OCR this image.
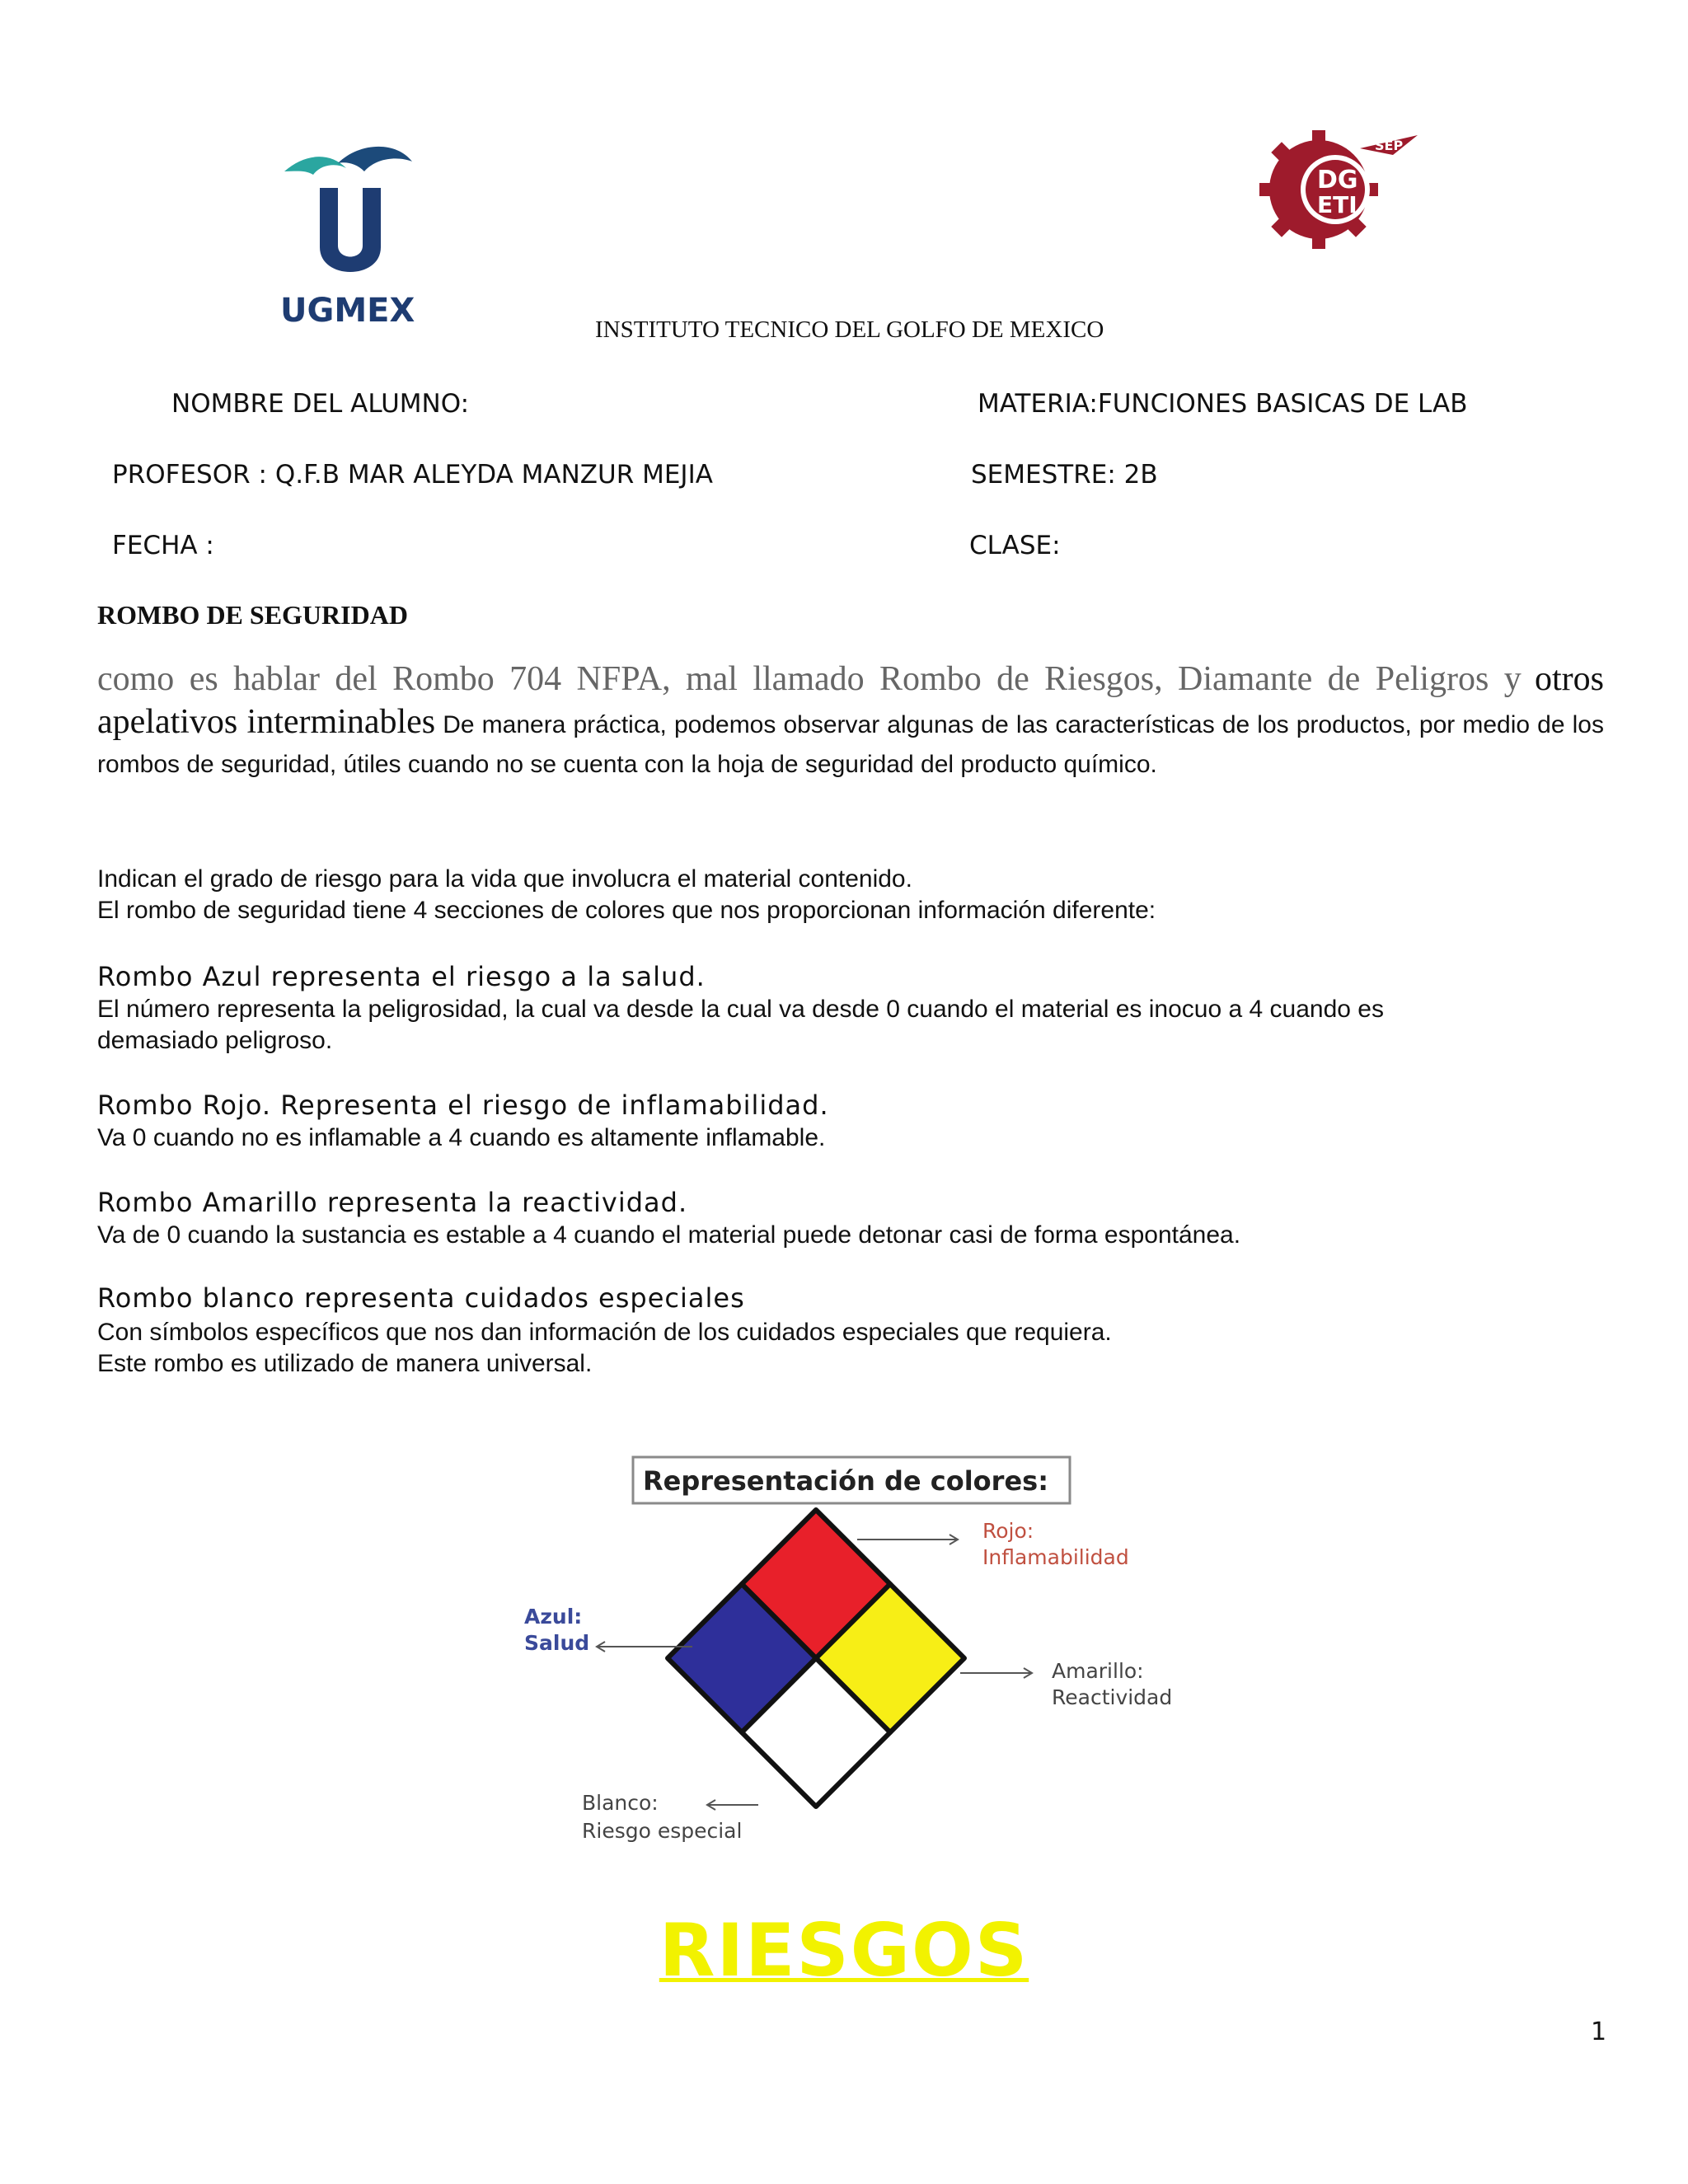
UGMEX
SEP
DG
ETI
INSTITUTO TECNICO DEL GOLFO DE MEXICO
NOMBRE DEL ALUMNO:	MATERIA:FUNCIONES BASICAS DE LAB
PROFESOR : Q.F.B MAR ALEYDA MANZUR MEJIA	SEMESTRE: 2B
FECHA :	CLASE:
ROMBO DE SEGURIDAD
como es hablar del Rombo 704 NFPA, mal llamado Rombo de Riesgos, Diamante de Peligros y otros apelativos interminables De manera práctica, podemos observar algunas de las características de los productos, por medio de los rombos de seguridad, útiles cuando no se cuenta con la hoja de seguridad del producto químico.
Indican el grado de riesgo para la vida que involucra el material contenido.
El rombo de seguridad tiene 4 secciones de colores que nos proporcionan información diferente:
Rombo Azul representa el riesgo a la salud.
El número representa la peligrosidad, la cual va desde la cual va desde 0 cuando el material es inocuo a 4 cuando es
demasiado peligroso.
Rombo Rojo. Representa el riesgo de inflamabilidad.
Va 0 cuando no es inflamable a 4 cuando es altamente inflamable.
Rombo Amarillo representa la reactividad.
Va de 0 cuando la sustancia es estable a 4 cuando el material puede detonar casi de forma espontánea.
Rombo blanco representa cuidados especiales
Con símbolos específicos que nos dan información de los cuidados especiales que requiera.
Este rombo es utilizado de manera universal.
Representación de colores:
Rojo:
Inflamabilidad
Azul:
Salud
Amarillo:
Reactividad
Blanco:
Riesgo especial
RIESGOS
1
